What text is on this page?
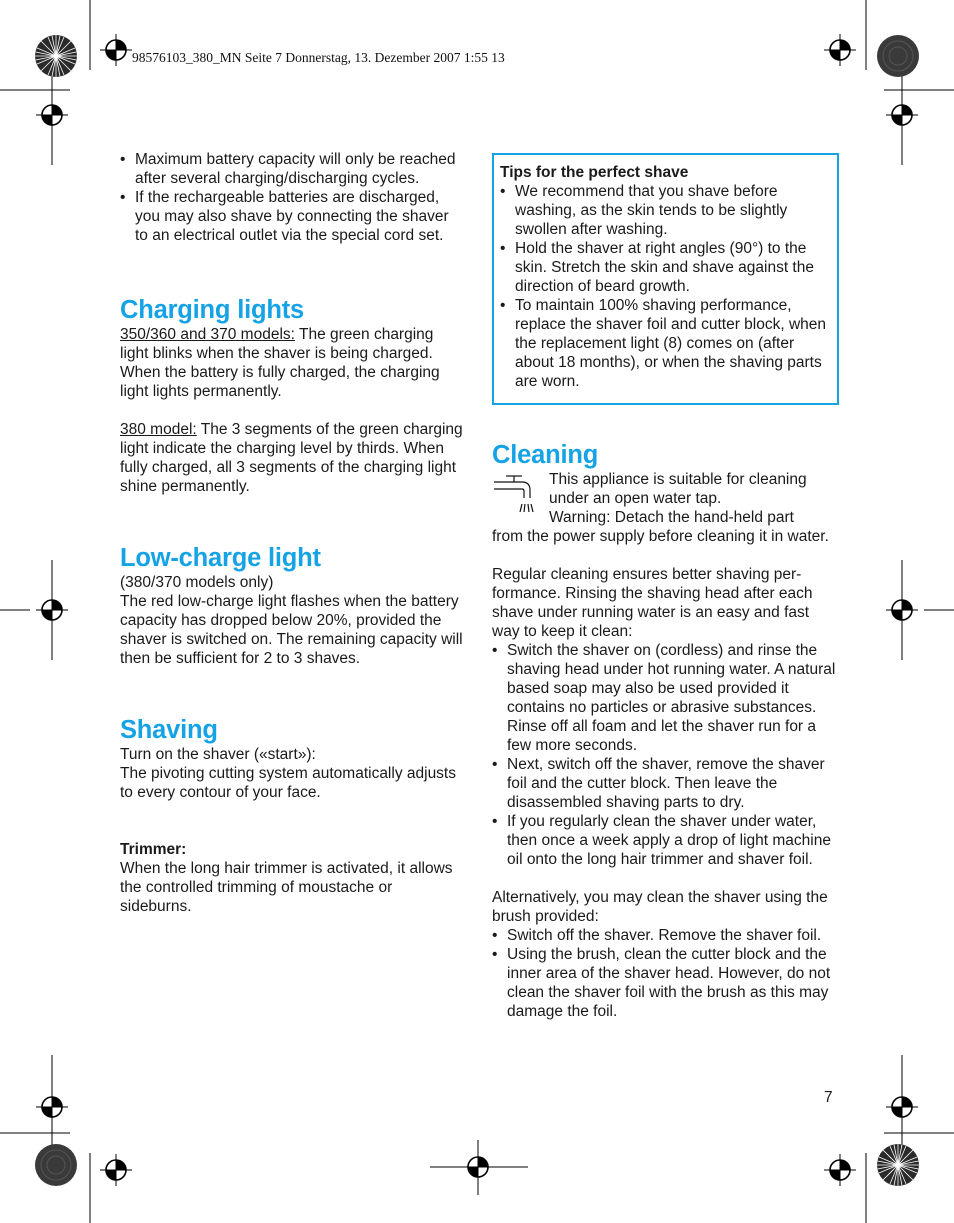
98576103_380_MN Seite 7 Donnerstag, 13. Dezember 2007 1:55 13
• Maximum battery capacity will only be reached after several charging/discharging cycles.
• If the rechargeable batteries are discharged, you may also shave by connecting the shaver to an electrical outlet via the special cord set.
Charging lights

350/360 and 370 models: The green charging light blinks when the shaver is being charged. When the battery is fully charged, the charging light lights permanently.

380 model: The 3 segments of the green charging light indicate the charging level by thirds. When fully charged, all 3 segments of the charging light shine permanently.

Low-charge light

(380/370 models only)

The red low-charge light flashes when the battery capacity has dropped below 20%, provided the shaver is switched on. The remaining capacity will then be sufficient for 2 to 3 shaves.

Shaving

Turn on the shaver («start»):

The pivoting cutting system automatically adjusts to every contour of your face.

Trimmer:

When the long hair trimmer is activated, it allows the controlled trimming of moustache or sideburns.

Tips for the perfect shave

• We recommend that you shave before washing, as the skin tends to be slightly swollen after washing.
• Hold the shaver at right angles (90°) to the skin. Stretch the skin and shave against the direction of beard growth.
• To maintain 100% shaving performance, replace the shaver foil and cutter block, when the replacement light (8) comes on (after about 18 months), or when the shaving parts are worn.
Cleaning

This appliance is suitable for cleaning under an open water tap.

Warning: Detach the hand-held part

from the power supply before cleaning it in water.

Regular cleaning ensures better shaving per-formance. Rinsing the shaving head after each shave under running water is an easy and fast way to keep it clean:

• Switch the shaver on (cordless) and rinse the shaving head under hot running water. A natural based soap may also be used provided it contains no particles or abrasive substances. Rinse off all foam and let the shaver run for a few more seconds.
• Next, switch off the shaver, remove the shaver foil and the cutter block. Then leave the disassembled shaving parts to dry.
• If you regularly clean the shaver under water, then once a week apply a drop of light machine oil onto the long hair trimmer and shaver foil.

Alternatively, you may clean the shaver using the brush provided:

• Switch off the shaver. Remove the shaver foil.
• Using the brush, clean the cutter block and the inner area of the shaver head. However, do not clean the shaver foil with the brush as this may damage the foil.
7
